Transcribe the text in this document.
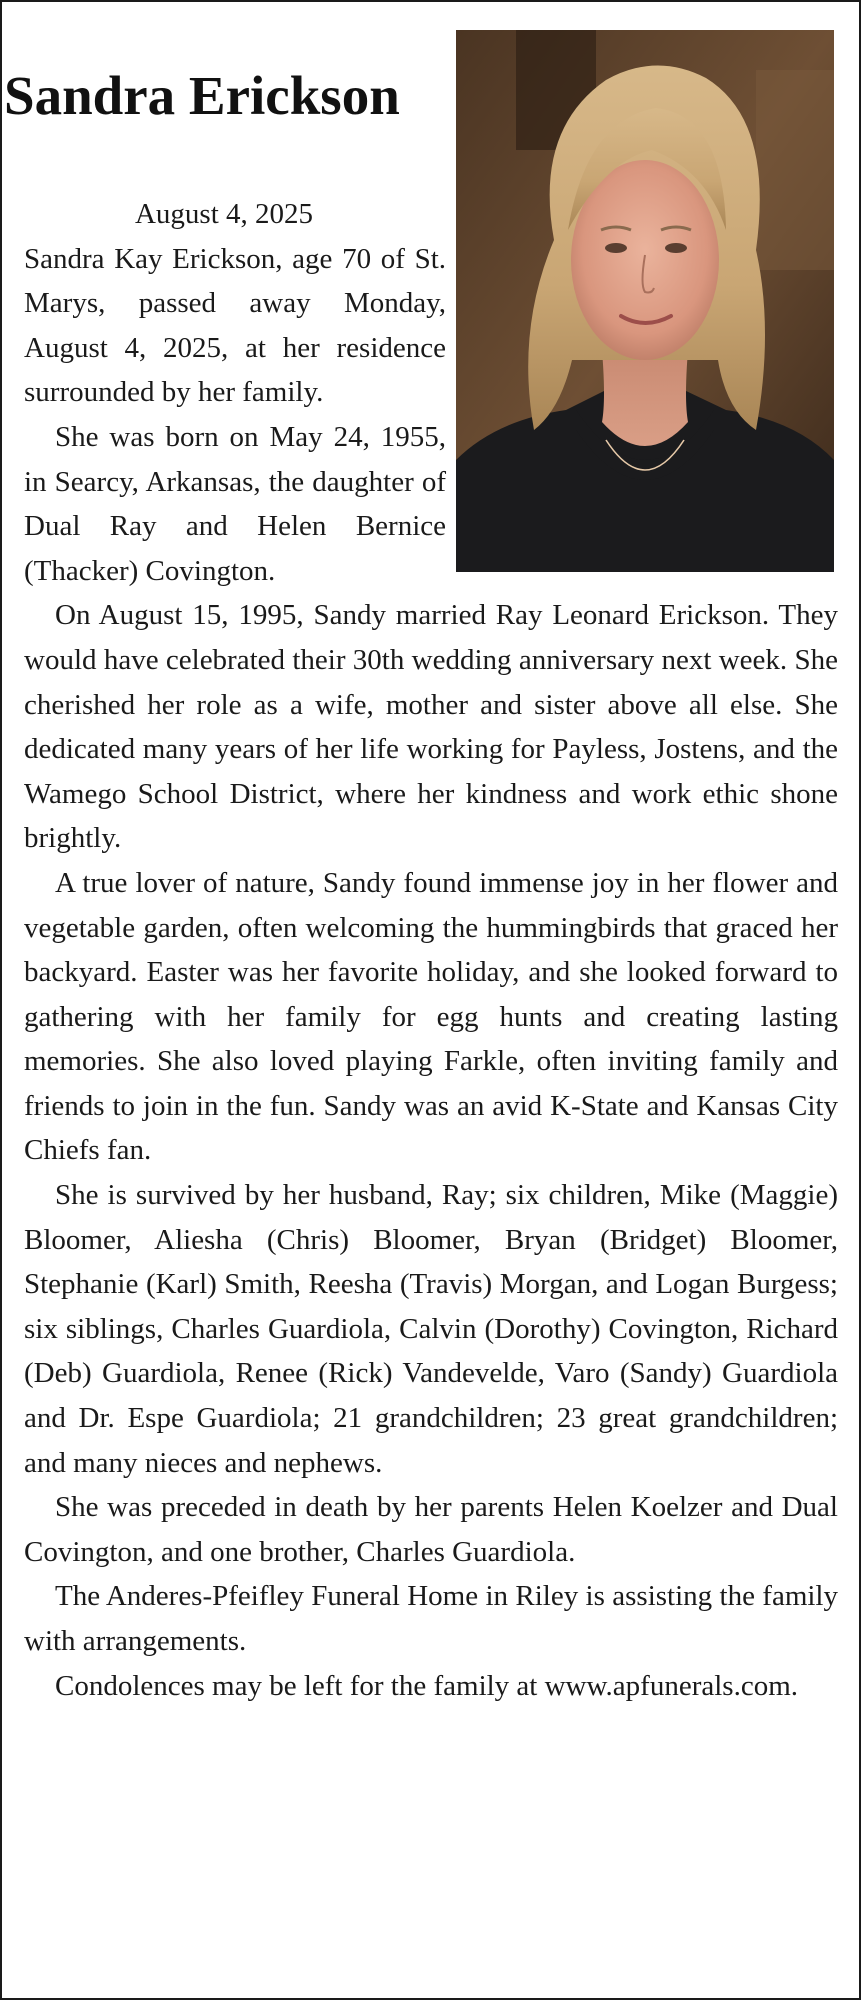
Sandra Erickson

August 4, 2025

Sandra Kay Erickson, age 70 of St. Marys, passed away Monday, August 4, 2025, at her residence surrounded by her family.

She was born on May 24, 1955, in Searcy, Arkansas, the daughter of Dual Ray and Helen Bernice (Thacker) Covington.

On August 15, 1995, Sandy married Ray Leonard Erickson. They would have celebrated their 30th wedding anniversary next week. She cherished her role as a wife, mother and sister above all else. She dedicated many years of her life working for Payless, Jostens, and the Wamego School District, where her kindness and work ethic shone brightly.

A true lover of nature, Sandy found immense joy in her flower and vegetable garden, often welcoming the hummingbirds that graced her backyard. Easter was her favorite holiday, and she looked forward to gathering with her family for egg hunts and creating lasting memories. She also loved playing Farkle, often inviting family and friends to join in the fun. Sandy was an avid K-State and Kansas City Chiefs fan.

She is survived by her husband, Ray; six children, Mike (Maggie) Bloomer, Aliesha (Chris) Bloomer, Bryan (Bridget) Bloomer, Stephanie (Karl) Smith, Reesha (Travis) Morgan, and Logan Burgess; six siblings, Charles Guardiola, Calvin (Dorothy) Covington, Richard (Deb) Guardiola, Renee (Rick) Vandevelde, Varo (Sandy) Guardiola and Dr. Espe Guardiola; 21 grandchildren; 23 great grandchildren; and many nieces and nephews.

She was preceded in death by her parents Helen Koelzer and Dual Covington, and one brother, Charles Guardiola.

The Anderes-Pfeifley Funeral Home in Riley is assisting the family with arrangements.

Condolences may be left for the family at www.apfunerals.com.
